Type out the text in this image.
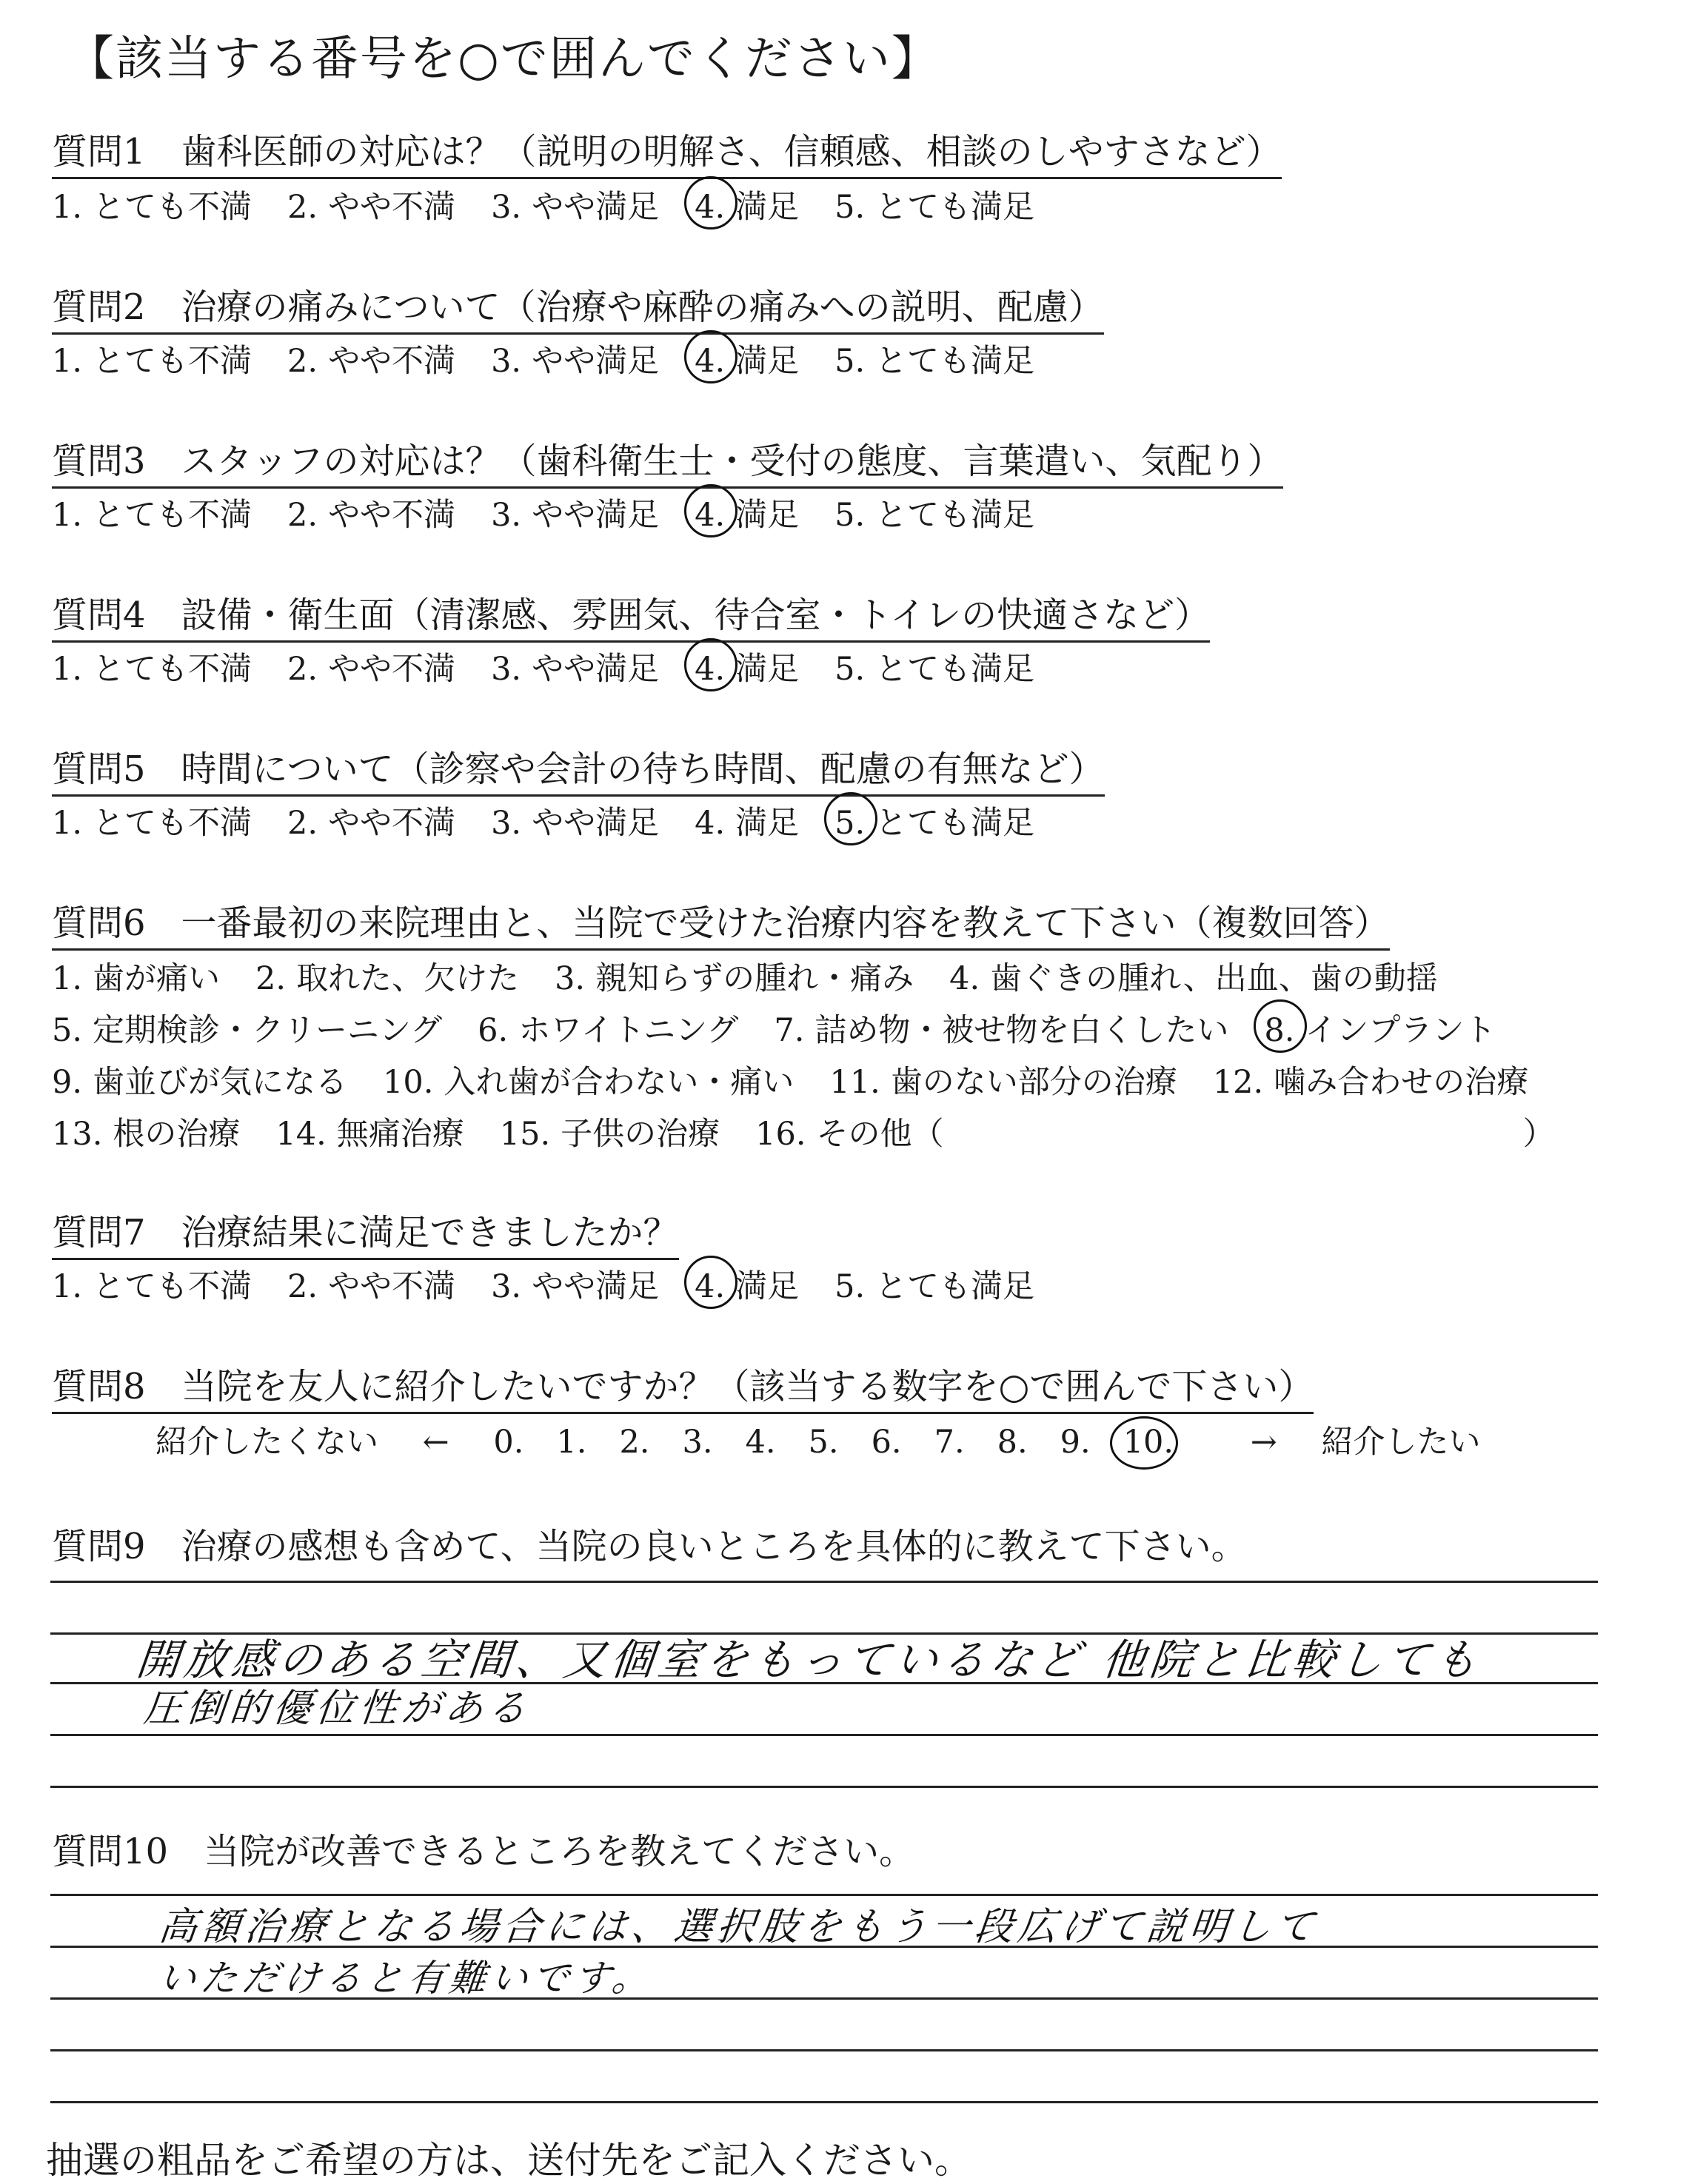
【該当する番号を○で囲んでください】
質問1　歯科医師の対応は？（説明の明解さ、信頼感、相談のしやすさなど）
1. とても不満 2. やや不満 3. やや満足 4. 満足 5. とても満足
質問2　治療の痛みについて（治療や麻酔の痛みへの説明、配慮）
1. とても不満 2. やや不満 3. やや満足 4. 満足 5. とても満足
質問3　スタッフの対応は？（歯科衛生士・受付の態度、言葉遣い、気配り）
1. とても不満 2. やや不満 3. やや満足 4. 満足 5. とても満足
質問4　設備・衛生面（清潔感、雰囲気、待合室・トイレの快適さなど）
1. とても不満 2. やや不満 3. やや満足 4. 満足 5. とても満足
質問5　時間について（診察や会計の待ち時間、配慮の有無など）
1. とても不満 2. やや不満 3. やや満足 4. 満足 5. とても満足
質問6　一番最初の来院理由と、当院で受けた治療内容を教えて下さい（複数回答）
1. 歯が痛い 2. 取れた、欠けた 3. 親知らずの腫れ・痛み 4. 歯ぐきの腫れ、出血、歯の動揺
5. 定期検診・クリーニング 6. ホワイトニング 7. 詰め物・被せ物を白くしたい 8. インプラント
9. 歯並びが気になる 10. 入れ歯が合わない・痛い 11. 歯のない部分の治療 12. 噛み合わせの治療
13. 根の治療 14. 無痛治療 15. 子供の治療 16. その他（	）
質問7　治療結果に満足できましたか？
1. とても不満 2. やや不満 3. やや満足 4. 満足 5. とても満足
質問8　当院を友人に紹介したいですか？（該当する数字を○で囲んで下さい）
紹介したくない ← 0. 1. 2. 3. 4. 5. 6. 7. 8. 9. 10. → 紹介したい
質問9　治療の感想も含めて、当院の良いところを具体的に教えて下さい。
開放感のある空間、又個室をもっているなど 他院と比較しても
圧倒的優位性がある
質問10　当院が改善できるところを教えてください。
高額治療となる場合には、選択肢をもう一段広げて説明して
いただけると有難いです。
抽選の粗品をご希望の方は、送付先をご記入ください。
